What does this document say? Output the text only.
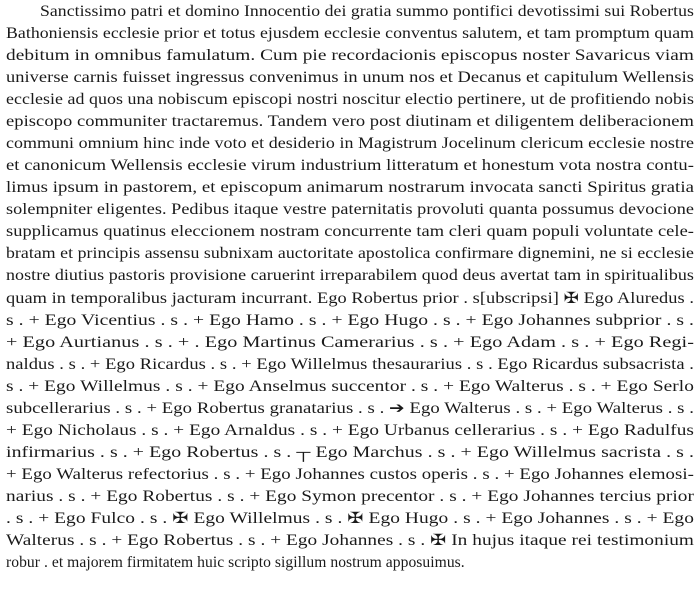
Sanctissimo patri et domino Innocentio dei gratia summo pontifici devotissimi sui Robertus
Bathoniensis ecclesie prior et totus ejusdem ecclesie conventus salutem, et tam promptum quam
debitum in omnibus famulatum. Cum pie recordacionis episcopus noster Savaricus viam
universe carnis fuisset ingressus convenimus in unum nos et Decanus et capitulum Wellensis
ecclesie ad quos una nobiscum episcopi nostri noscitur electio pertinere, ut de profitiendo nobis
episcopo communiter tractaremus. Tandem vero post diutinam et diligentem deliberacionem
communi omnium hinc inde voto et desiderio in Magistrum Jocelinum clericum ecclesie nostre
et canonicum Wellensis ecclesie virum industrium litteratum et honestum vota nostra contu-
limus ipsum in pastorem, et episcopum animarum nostrarum invocata sancti Spiritus gratia
solempniter eligentes. Pedibus itaque vestre paternitatis provoluti quanta possumus devocione
supplicamus quatinus eleccionem nostram concurrente tam cleri quam populi voluntate cele-
bratam et principis assensu subnixam auctoritate apostolica confirmare dignemini, ne si ecclesie
nostre diutius pastoris provisione caruerint irreparabilem quod deus avertat tam in spiritualibus
quam in temporalibus jacturam incurrant. Ego Robertus prior . s[ubscripsi] ✠ Ego Aluredus .
s . + Ego Vicentius . s . + Ego Hamo . s . + Ego Hugo . s . + Ego Johannes subprior . s .
+ Ego Aurtianus . s . + . Ego Martinus Camerarius . s . + Ego Adam . s . + Ego Regi-
naldus . s . + Ego Ricardus . s . + Ego Willelmus thesaurarius . s . Ego Ricardus subsacrista .
s . + Ego Willelmus . s . + Ego Anselmus succentor . s . + Ego Walterus . s . + Ego Serlo
subcellerarius . s . + Ego Robertus granatarius . s . ➔ Ego Walterus . s . + Ego Walterus . s .
+ Ego Nicholaus . s . + Ego Arnaldus . s . + Ego Urbanus cellerarius . s . + Ego Radulfus
infirmarius . s . + Ego Robertus . s . ┬ Ego Marchus . s . + Ego Willelmus sacrista . s .
+ Ego Walterus refectorius . s . + Ego Johannes custos operis . s . + Ego Johannes elemosi-
narius . s . + Ego Robertus . s . + Ego Symon precentor . s . + Ego Johannes tercius prior
. s . + Ego Fulco . s . ✠ Ego Willelmus . s . ✠ Ego Hugo . s . + Ego Johannes . s . + Ego
Walterus . s . + Ego Robertus . s . + Ego Johannes . s . ✠ In hujus itaque rei testimonium
robur . et majorem firmitatem huic scripto sigillum nostrum apposuimus.
